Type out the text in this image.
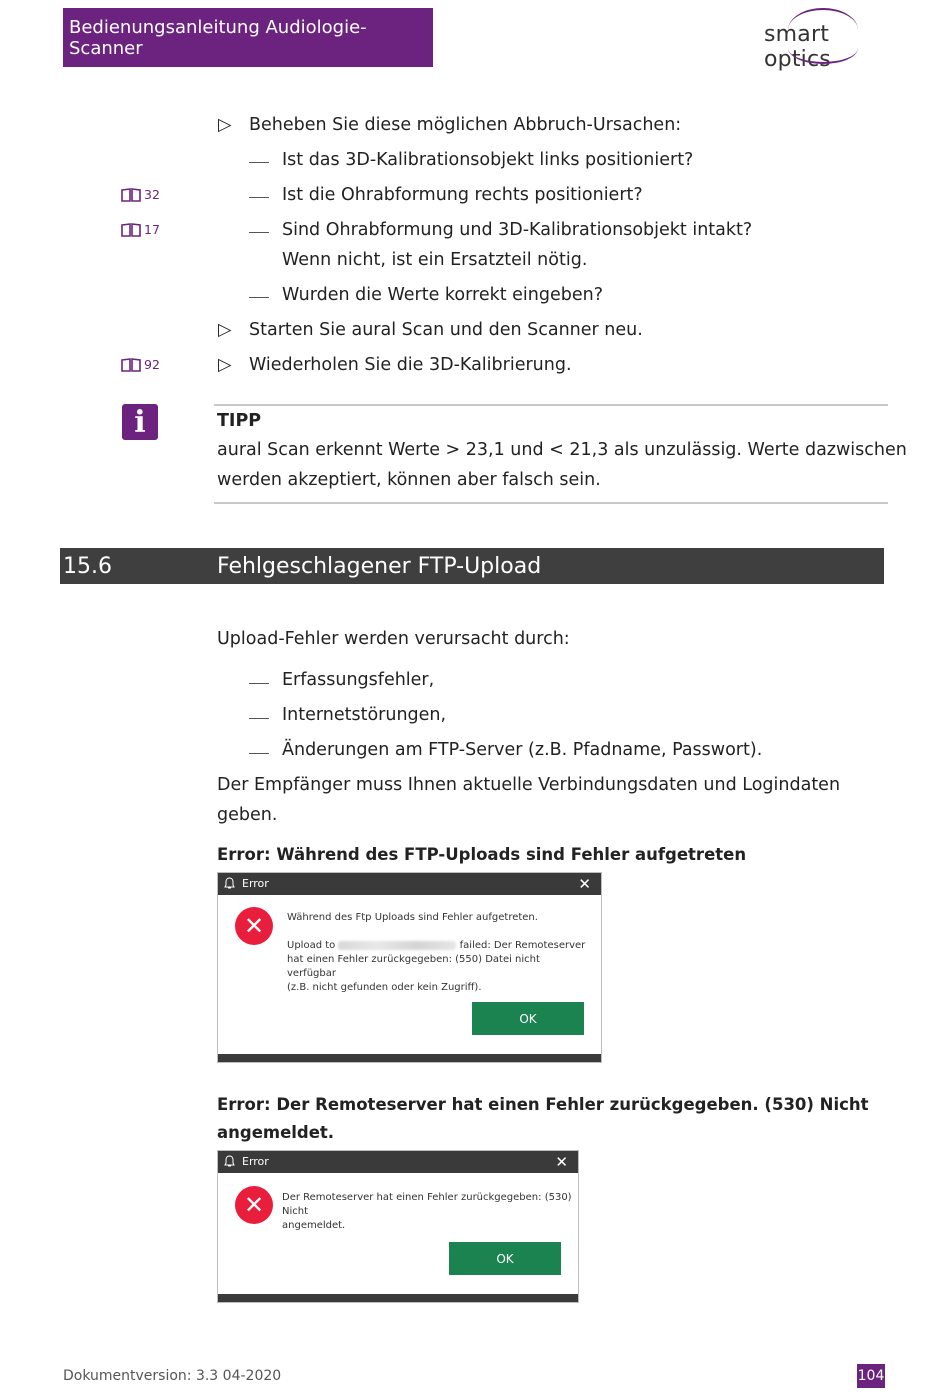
Bedienungsanleitung Audiologie-Scanner
smart optics
▷ Beheben Sie diese möglichen Abbruch-Ursachen:
Ist das 3D-Kalibrationsobjekt links positioniert?
32	Ist die Ohrabformung rechts positioniert?
17	Sind Ohrabformung und 3D-Kalibrationsobjekt intakt?
Wenn nicht, ist ein Ersatzteil nötig.
Wurden die Werte korrekt eingeben?
▷ Starten Sie aural Scan und den Scanner neu.
92	▷ Wiederholen Sie die 3D-Kalibrierung.
i	TIPP
aural Scan erkennt Werte > 23,1 und < 21,3 als unzulässig. Werte dazwischen
werden akzeptiert, können aber falsch sein.
15.6	Fehlgeschlagener FTP-Upload
Upload-Fehler werden verursacht durch:
Erfassungsfehler,
Internetstörungen,
Änderungen am FTP-Server (z.B. Pfadname, Passwort).
Der Empfänger muss Ihnen aktuelle Verbindungsdaten und Logindaten
geben.
Error: Während des FTP-Uploads sind Fehler aufgetreten
Error	✕
✕	Während des Ftp Uploads sind Fehler aufgetreten.
Upload to	failed: Der Remoteserver
hat einen Fehler zurückgegeben: (550) Datei nicht verfügbar
(z.B. nicht gefunden oder kein Zugriff).
OK
Error: Der Remoteserver hat einen Fehler zurückgegeben. (530) Nicht
angemeldet.
Error	✕
✕	Der Remoteserver hat einen Fehler zurückgegeben: (530) Nicht
angemeldet.
OK
Dokumentversion: 3.3 04-2020	104
